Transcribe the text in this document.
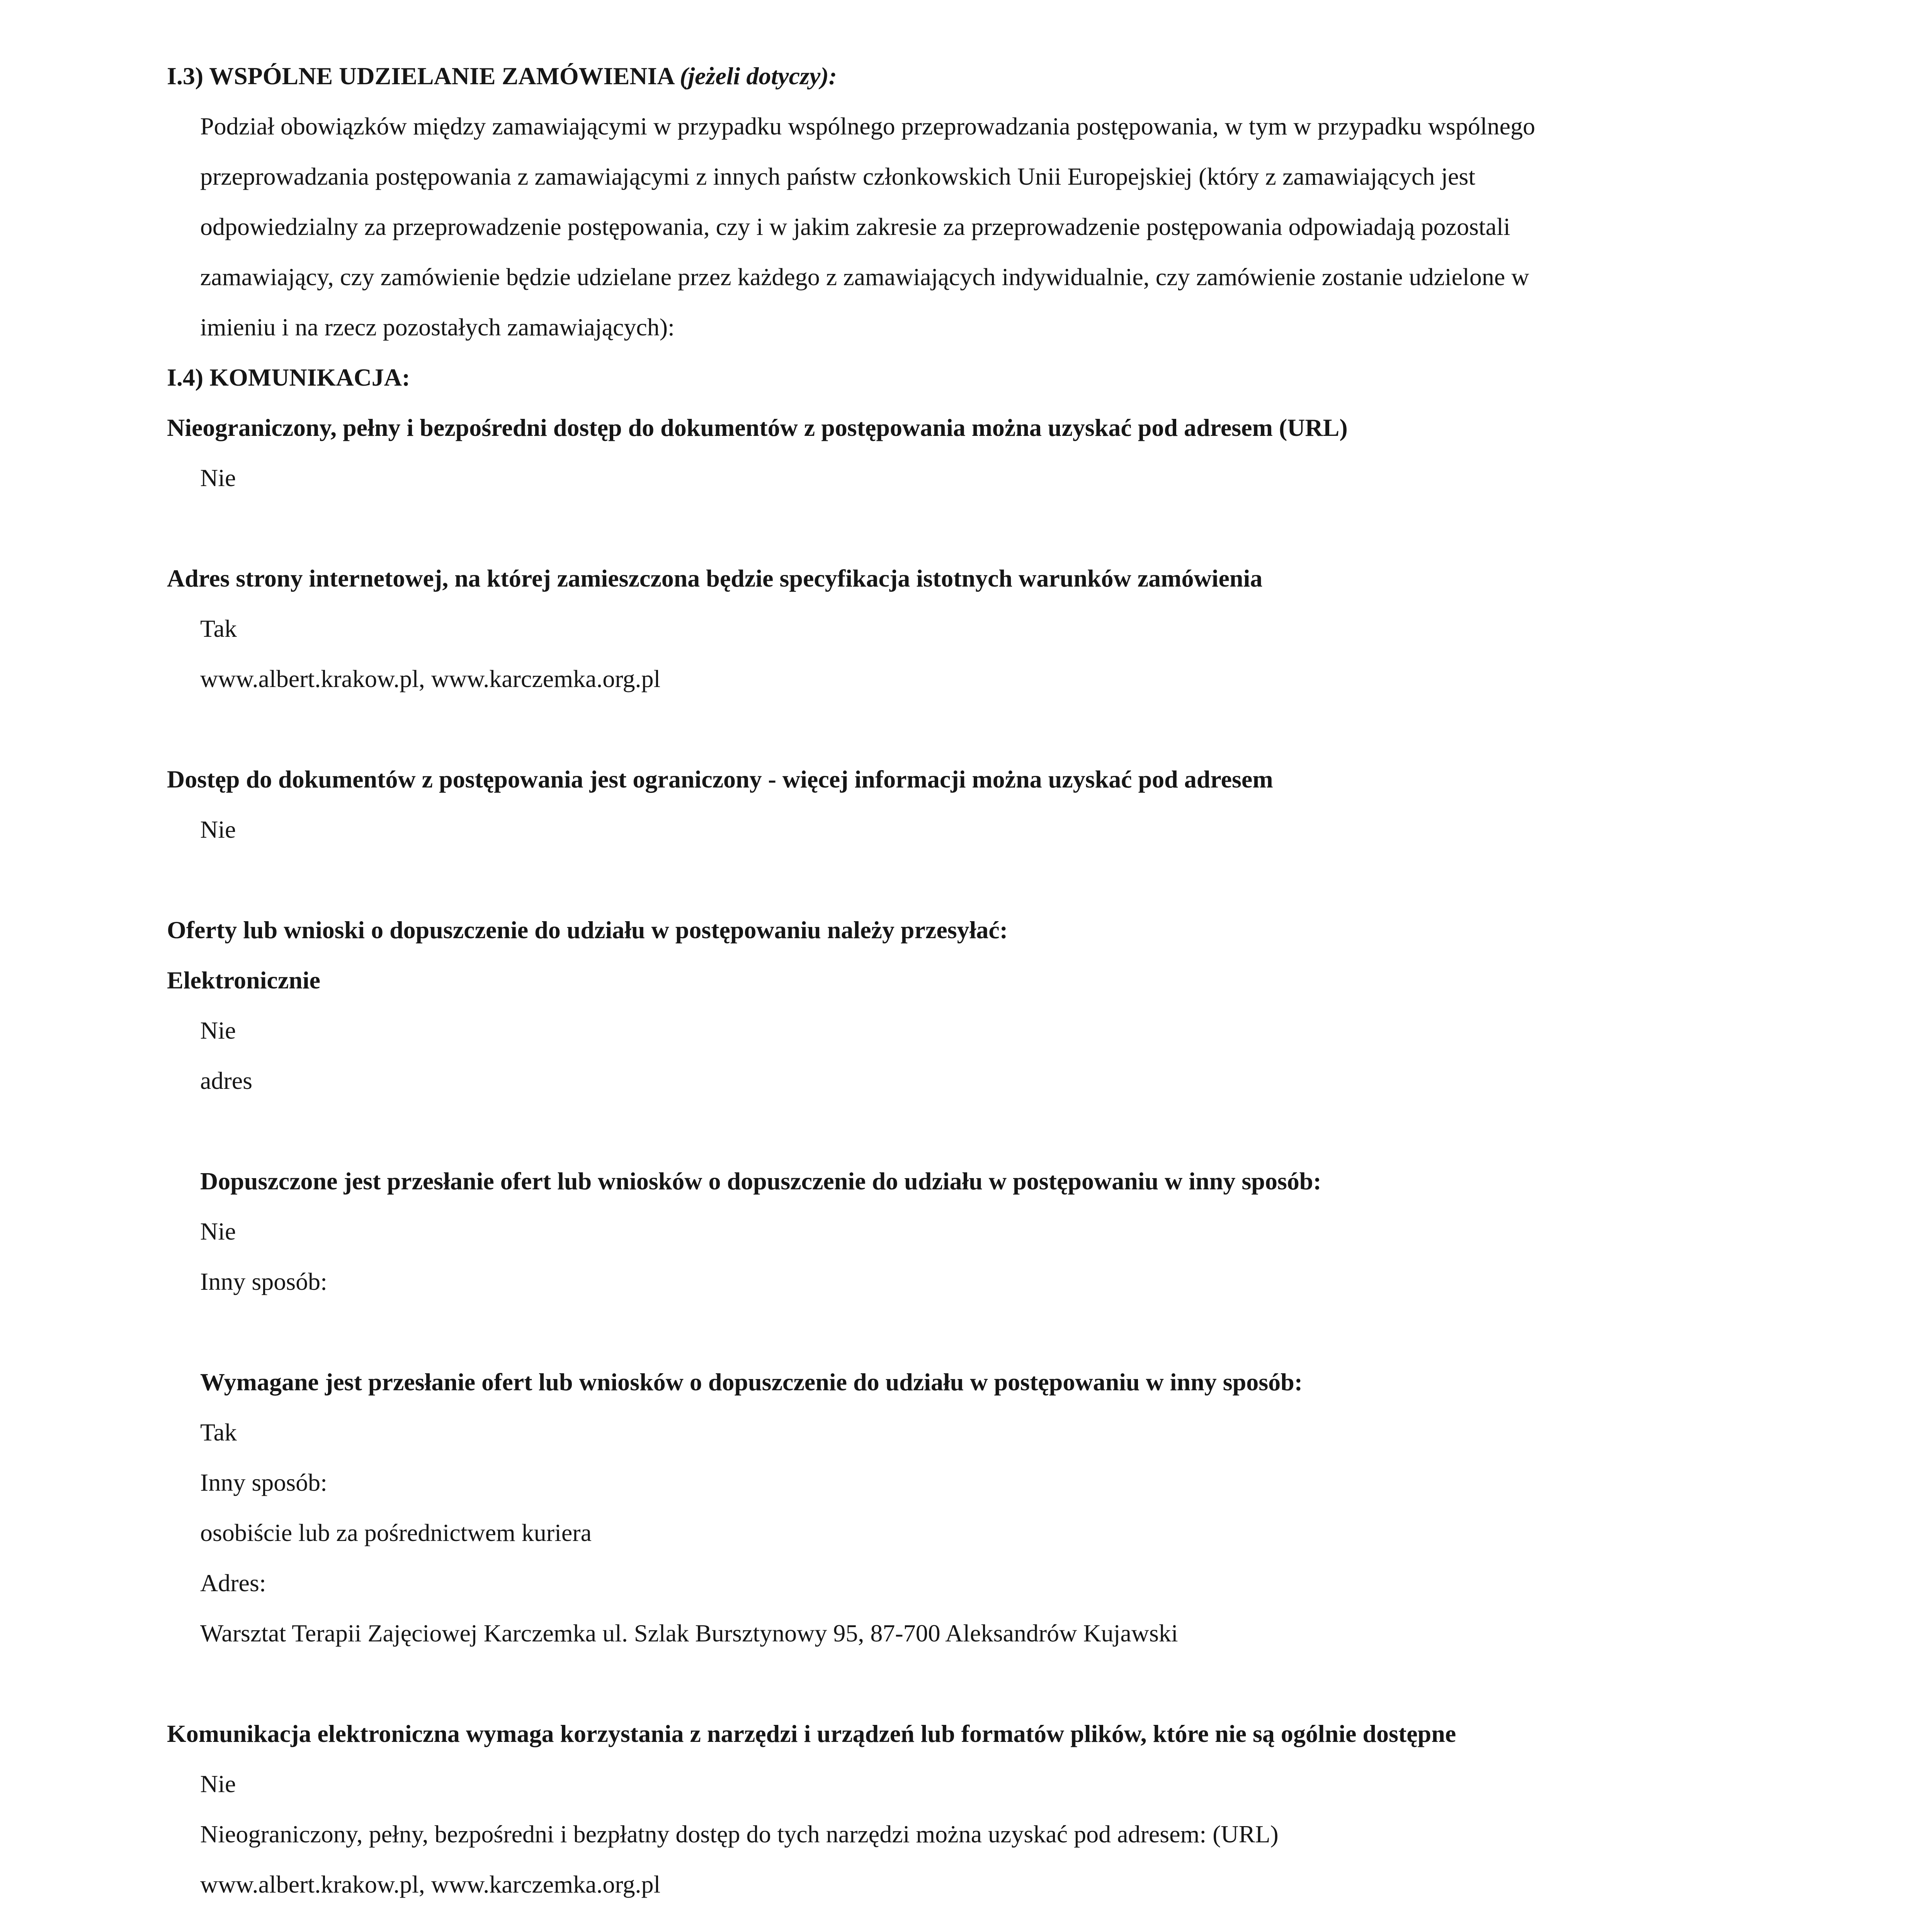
I.3) WSPÓLNE UDZIELANIE ZAMÓWIENIA (jeżeli dotyczy):
Podział obowiązków między zamawiającymi w przypadku wspólnego przeprowadzania postępowania, w tym w przypadku wspólnego
przeprowadzania postępowania z zamawiającymi z innych państw członkowskich Unii Europejskiej (który z zamawiających jest
odpowiedzialny za przeprowadzenie postępowania, czy i w jakim zakresie za przeprowadzenie postępowania odpowiadają pozostali
zamawiający, czy zamówienie będzie udzielane przez każdego z zamawiających indywidualnie, czy zamówienie zostanie udzielone w
imieniu i na rzecz pozostałych zamawiających):
I.4) KOMUNIKACJA:
Nieograniczony, pełny i bezpośredni dostęp do dokumentów z postępowania można uzyskać pod adresem (URL)
Nie
Adres strony internetowej, na której zamieszczona będzie specyfikacja istotnych warunków zamówienia
Tak
www.albert.krakow.pl, www.karczemka.org.pl
Dostęp do dokumentów z postępowania jest ograniczony - więcej informacji można uzyskać pod adresem
Nie
Oferty lub wnioski o dopuszczenie do udziału w postępowaniu należy przesyłać:
Elektronicznie
Nie
adres
Dopuszczone jest przesłanie ofert lub wniosków o dopuszczenie do udziału w postępowaniu w inny sposób:
Nie
Inny sposób:
Wymagane jest przesłanie ofert lub wniosków o dopuszczenie do udziału w postępowaniu w inny sposób:
Tak
Inny sposób:
osobiście lub za pośrednictwem kuriera
Adres:
Warsztat Terapii Zajęciowej Karczemka ul. Szlak Bursztynowy 95, 87-700 Aleksandrów Kujawski
Komunikacja elektroniczna wymaga korzystania z narzędzi i urządzeń lub formatów plików, które nie są ogólnie dostępne
Nie
Nieograniczony, pełny, bezpośredni i bezpłatny dostęp do tych narzędzi można uzyskać pod adresem: (URL)
www.albert.krakow.pl, www.karczemka.org.pl
